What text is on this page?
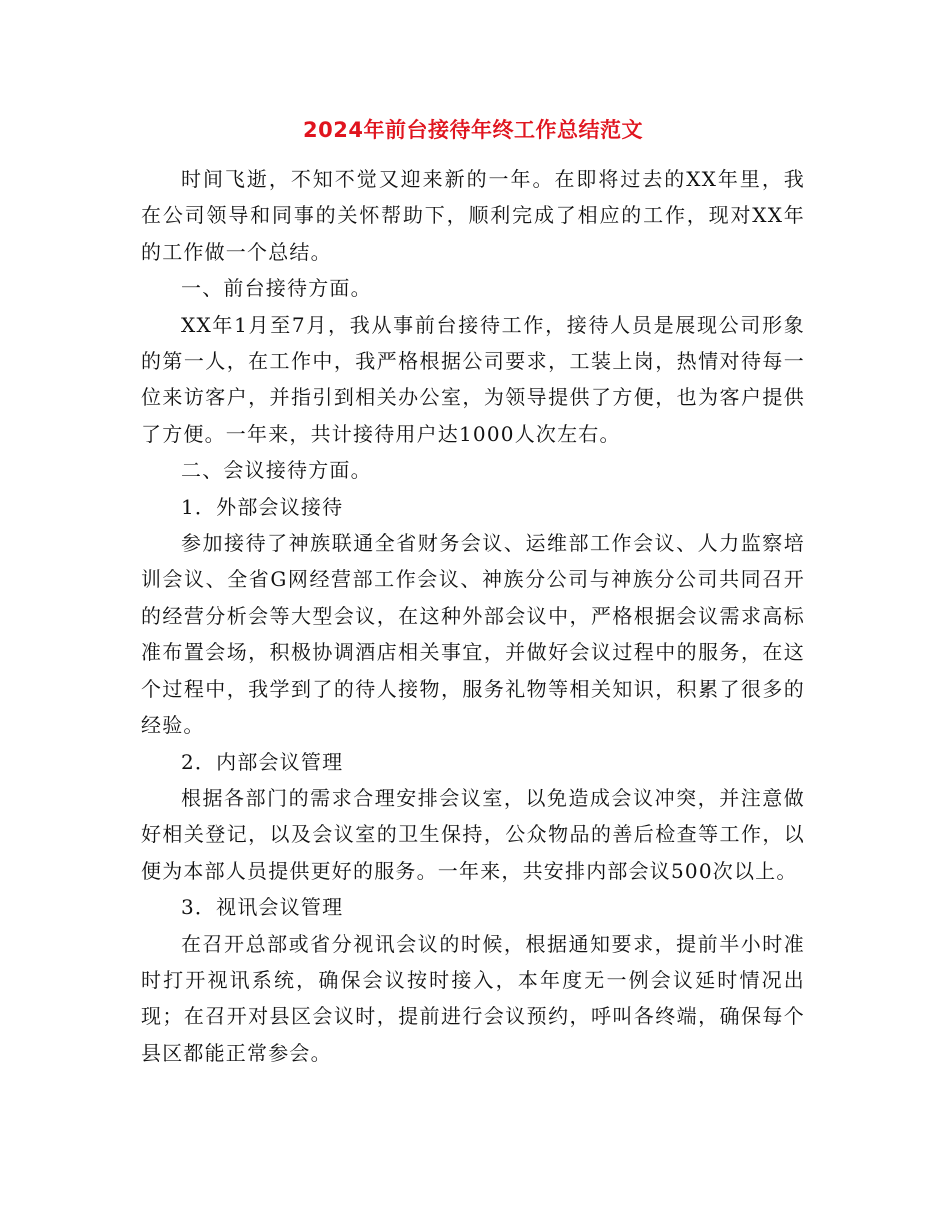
2024年前台接待年终工作总结范文

时间飞逝，不知不觉又迎来新的一年。在即将过去的XX年里，我在公司领导和同事的关怀帮助下，顺利完成了相应的工作，现对XX年的工作做一个总结。

一、前台接待方面。

XX年1月至7月，我从事前台接待工作，接待人员是展现公司形象的第一人，在工作中，我严格根据公司要求，工装上岗，热情对待每一位来访客户，并指引到相关办公室，为领导提供了方便，也为客户提供了方便。一年来，共计接待用户达1000人次左右。

二、会议接待方面。

1．外部会议接待

参加接待了神族联通全省财务会议、运维部工作会议、人力监察培训会议、全省G网经营部工作会议、神族分公司与神族分公司共同召开的经营分析会等大型会议，在这种外部会议中，严格根据会议需求高标准布置会场，积极协调酒店相关事宜，并做好会议过程中的服务，在这个过程中，我学到了的待人接物，服务礼物等相关知识，积累了很多的经验。

2．内部会议管理

根据各部门的需求合理安排会议室，以免造成会议冲突，并注意做好相关登记，以及会议室的卫生保持，公众物品的善后检查等工作，以便为本部人员提供更好的服务。一年来，共安排内部会议500次以上。

3．视讯会议管理

在召开总部或省分视讯会议的时候，根据通知要求，提前半小时准时打开视讯系统，确保会议按时接入，本年度无一例会议延时情况出现；在召开对县区会议时，提前进行会议预约，呼叫各终端，确保每个县区都能正常参会。
